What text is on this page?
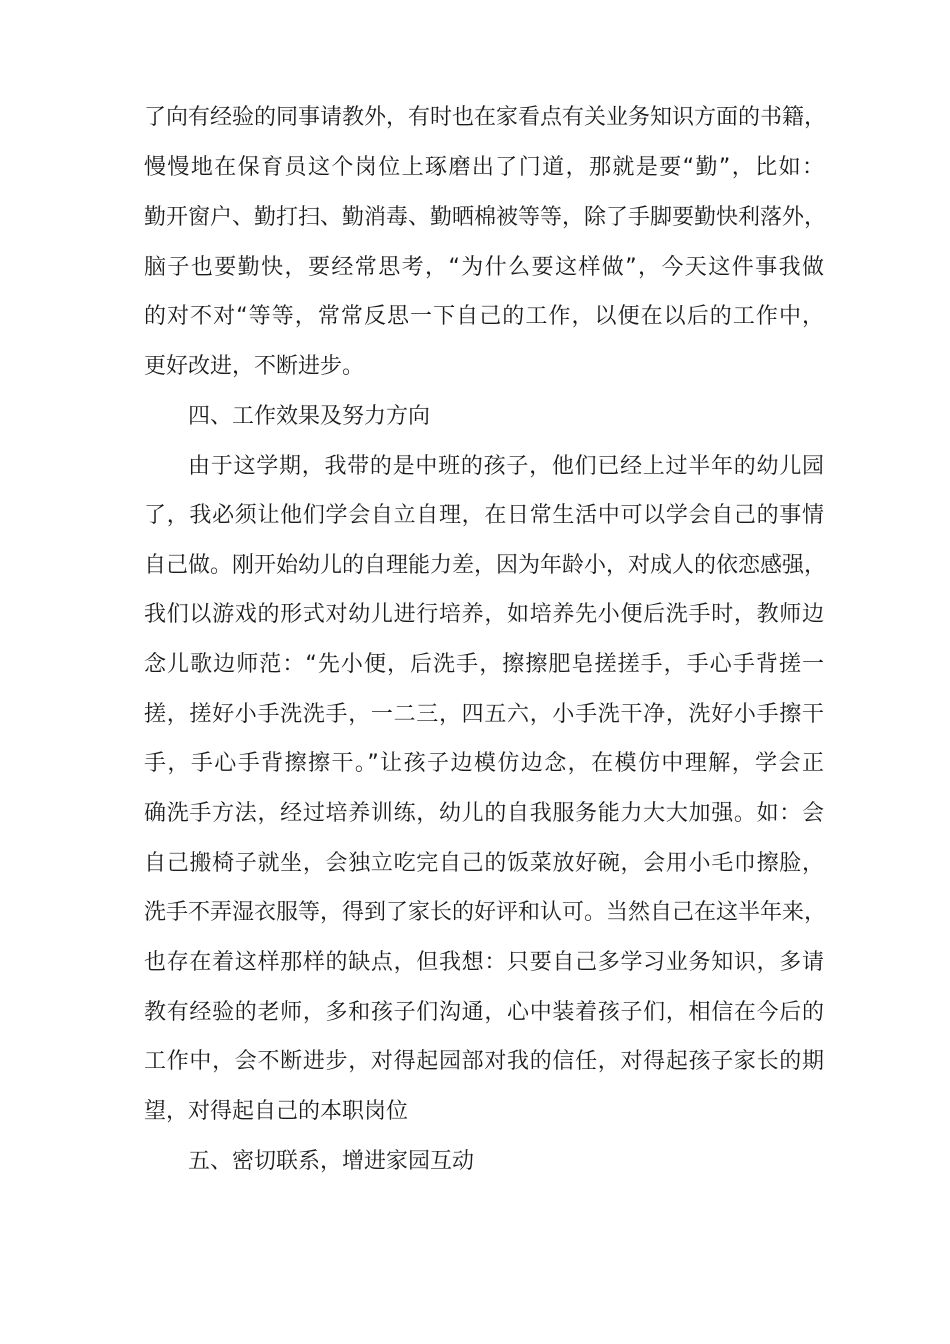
了向有经验的同事请教外，有时也在家看点有关业务知识方面的书籍，
慢慢地在保育员这个岗位上琢磨出了门道，那就是要“勤”，比如：
勤开窗户、勤打扫、勤消毒、勤晒棉被等等，除了手脚要勤快利落外，
脑子也要勤快，要经常思考，“为什么要这样做”，今天这件事我做
的对不对“等等，常常反思一下自己的工作，以便在以后的工作中，
更好改进，不断进步。
四、工作效果及努力方向
由于这学期，我带的是中班的孩子，他们已经上过半年的幼儿园
了，我必须让他们学会自立自理，在日常生活中可以学会自己的事情
自己做。刚开始幼儿的自理能力差，因为年龄小，对成人的依恋感强，
我们以游戏的形式对幼儿进行培养，如培养先小便后洗手时，教师边
念儿歌边师范：“先小便，后洗手，擦擦肥皂搓搓手，手心手背搓一
搓，搓好小手洗洗手，一二三，四五六，小手洗干净，洗好小手擦干
手，手心手背擦擦干。”让孩子边模仿边念，在模仿中理解，学会正
确洗手方法，经过培养训练，幼儿的自我服务能力大大加强。如：会
自己搬椅子就坐，会独立吃完自己的饭菜放好碗，会用小毛巾擦脸，
洗手不弄湿衣服等，得到了家长的好评和认可。当然自己在这半年来，
也存在着这样那样的缺点，但我想：只要自己多学习业务知识，多请
教有经验的老师，多和孩子们沟通，心中装着孩子们，相信在今后的
工作中，会不断进步，对得起园部对我的信任，对得起孩子家长的期
望，对得起自己的本职岗位
五、密切联系，增进家园互动
